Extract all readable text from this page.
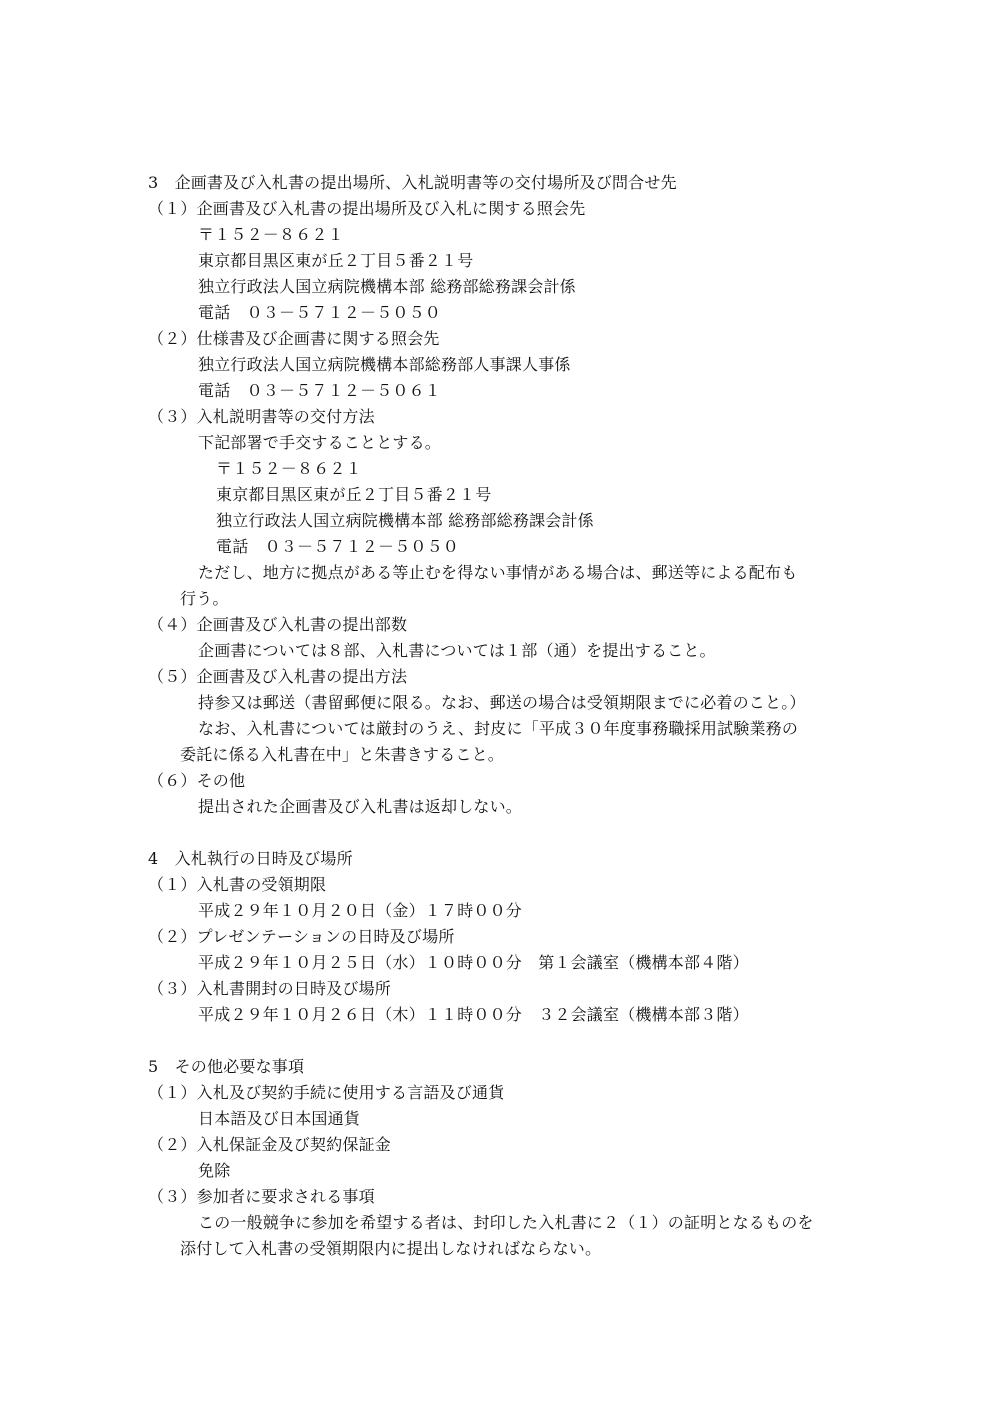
3　企画書及び入札書の提出場所、入札説明書等の交付場所及び問合せ先
（１）企画書及び入札書の提出場所及び入札に関する照会先
〒１５２－８６２１
東京都目黒区東が丘２丁目５番２１号
独立行政法人国立病院機構本部 総務部総務課会計係
電話　０３－５７１２－５０５０
（２）仕様書及び企画書に関する照会先
独立行政法人国立病院機構本部総務部人事課人事係
電話　０３－５７１２－５０６１
（３）入札説明書等の交付方法
下記部署で手交することとする。
〒１５２－８６２１
東京都目黒区東が丘２丁目５番２１号
独立行政法人国立病院機構本部 総務部総務課会計係
電話　０３－５７１２－５０５０
ただし、地方に拠点がある等止むを得ない事情がある場合は、郵送等による配布も
行う。
（４）企画書及び入札書の提出部数
企画書については８部、入札書については１部（通）を提出すること。
（５）企画書及び入札書の提出方法
持参又は郵送（書留郵便に限る。なお、郵送の場合は受領期限までに必着のこと。）
なお、入札書については厳封のうえ、封皮に「平成３０年度事務職採用試験業務の
委託に係る入札書在中」と朱書きすること。
（６）その他
提出された企画書及び入札書は返却しない。
4　入札執行の日時及び場所
（１）入札書の受領期限
平成２９年１０月２０日（金）１７時００分
（２）プレゼンテーションの日時及び場所
平成２９年１０月２５日（水）１０時００分　第１会議室（機構本部４階）
（３）入札書開封の日時及び場所
平成２９年１０月２６日（木）１１時００分　３２会議室（機構本部３階）
5　その他必要な事項
（１）入札及び契約手続に使用する言語及び通貨
日本語及び日本国通貨
（２）入札保証金及び契約保証金
免除
（３）参加者に要求される事項
この一般競争に参加を希望する者は、封印した入札書に２（１）の証明となるものを
添付して入札書の受領期限内に提出しなければならない。
